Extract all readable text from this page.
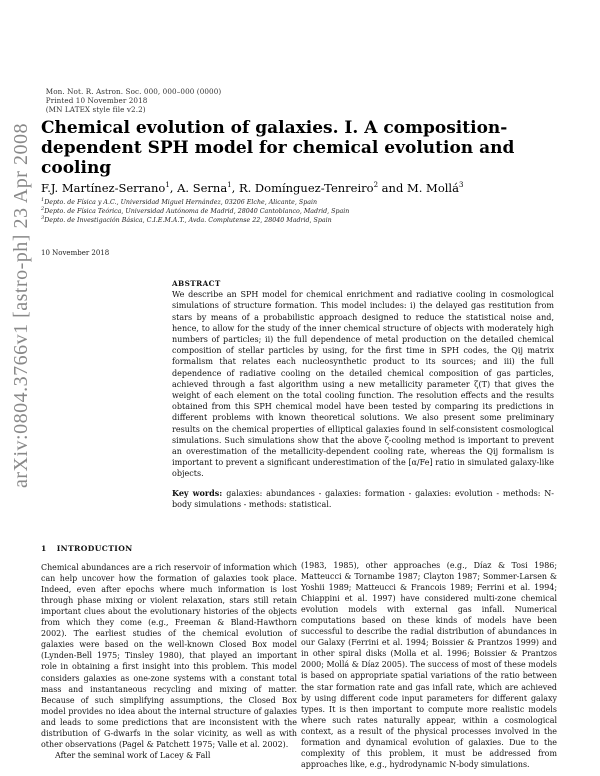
Mon. Not. R. Astron. Soc. 000, 000–000 (0000)
Printed 10 November 2018
(MN LATEX style file v2.2)

arXiv:0804.3766v1 [astro-ph] 23 Apr 2008 Chemical evolution of galaxies. I. A composition-dependent SPH model for chemical evolution and cooling
F.J. Martínez-Serrano$^1$, A. Serna$^1$, R. Domínguez-Tenreiro$^2$ and M. Mollá$^3$
$^1$Depto. de Física y A.C., Universidad Miguel Hernández, 03206 Elche, Alicante, Spain
$^2$Depto. de Física Teórica, Universidad Autónoma de Madrid, 28040 Cantoblanco, Madrid, Spain
$^3$Depto. de Investigación Básica, C.I.E.M.A.T., Avda. Complutense 22, 28040 Madrid, Spain
10 November 2018
ABSTRACT

We describe an SPH model for chemical enrichment and radiative cooling in cosmological simulations of structure formation. This model includes: i) the delayed gas restitution from stars by means of a probabilistic approach designed to reduce the statistical noise and, hence, to allow for the study of the inner chemical structure of objects with moderately high numbers of particles; ii) the full dependence of metal production on the detailed chemical composition of stellar particles by using, for the first time in SPH codes, the Qij matrix formalism that relates each nucleosynthetic product to its sources; and iii) the full dependence of radiative cooling on the detailed chemical composition of gas particles, achieved through a fast algorithm using a new metallicity parameter ζ(T) that gives the weight of each element on the total cooling function. The resolution effects and the results obtained from this SPH chemical model have been tested by comparing its predictions in different problems with known theoretical solutions. We also present some preliminary results on the chemical properties of elliptical galaxies found in self-consistent cosmological simulations. Such simulations show that the above ζ-cooling method is important to prevent an overestimation of the metallicity-dependent cooling rate, whereas the Qij formalism is important to prevent a significant underestimation of the [α/Fe] ratio in simulated galaxy-like objects.

Key words: galaxies: abundances - galaxies: formation - galaxies: evolution - methods: N-body simulations - methods: statistical.
1 INTRODUCTION

Chemical abundances are a rich reservoir of information which can help uncover how the formation of galaxies took place. Indeed, even after epochs where much information is lost through phase mixing or violent relaxation, stars still retain important clues about the evolutionary histories of the objects from which they come (e.g., Freeman & Bland-Hawthorn 2002). The earliest studies of the chemical evolution of galaxies were based on the well-known Closed Box model (Lynden-Bell 1975; Tinsley 1980), that played an important role in obtaining a first insight into this problem. This model considers galaxies as one-zone systems with a constant total mass and instantaneous recycling and mixing of matter. Because of such simplifying assumptions, the Closed Box model provides no idea about the internal structure of galaxies and leads to some predictions that are inconsistent with the distribution of G-dwarfs in the solar vicinity, as well as with other observations (Pagel & Patchett 1975; Valle et al. 2002).

After the seminal work of Lacey & Fall

(1983, 1985), other approaches (e.g., Díaz & Tosi 1986; Matteucci & Tornambe 1987; Clayton 1987; Sommer-Larsen & Yoshii 1989; Matteucci & Francois 1989; Ferrini et al. 1994; Chiappini et al. 1997) have considered multi-zone chemical evolution models with external gas infall. Numerical computations based on these kinds of models have been successful to describe the radial distribution of abundances in our Galaxy (Ferrini et al. 1994; Boissier & Prantzos 1999) and in other spiral disks (Molla et al. 1996; Boissier & Prantzos 2000; Mollá & Díaz 2005). The success of most of these models is based on appropriate spatial variations of the ratio between the star formation rate and gas infall rate, which are achieved by using different code input parameters for different galaxy types. It is then important to compute more realistic models where such rates naturally appear, within a cosmological context, as a result of the physical processes involved in the formation and dynamical evolution of galaxies. Due to the complexity of this problem, it must be addressed from approaches like, e.g., hydrodynamic N-body simulations.
